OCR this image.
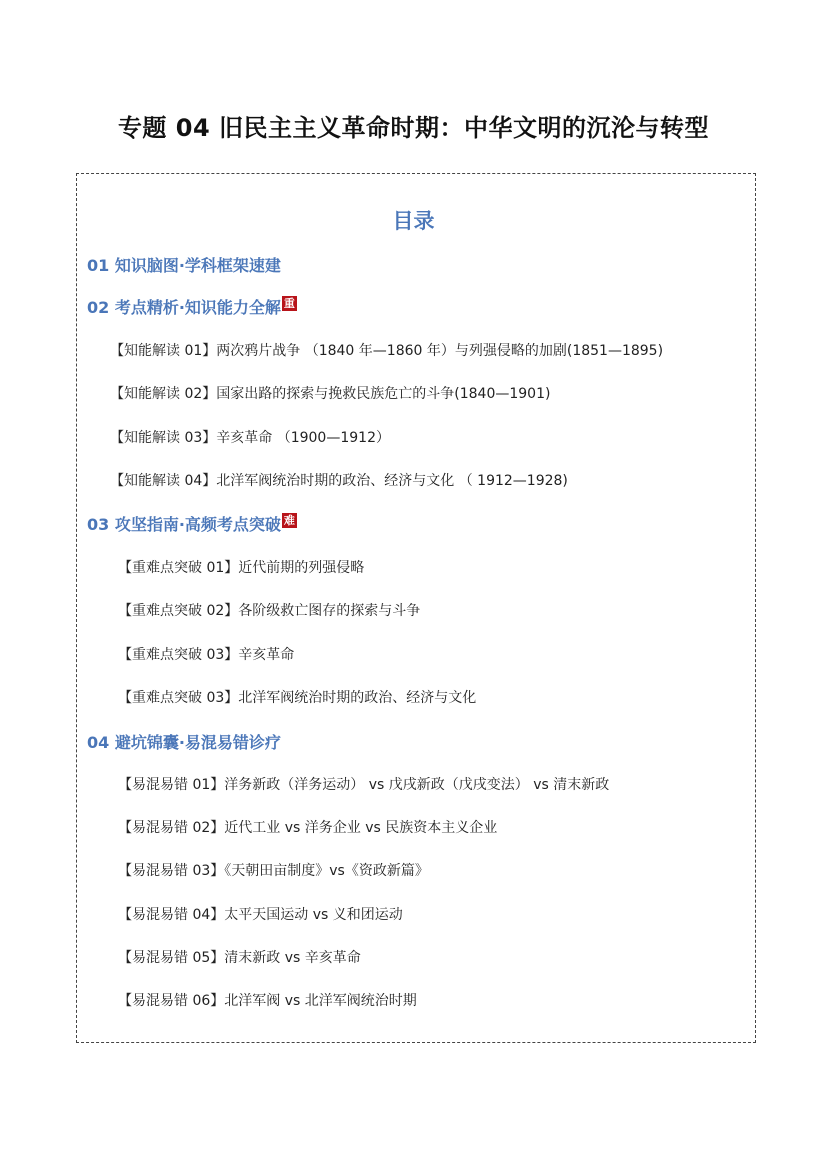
专题 04 旧民主主义革命时期：中华文明的沉沦与转型
目录
01 知识脑图·学科框架速建
02 考点精析·知识能力全解 重
【知能解读 01】两次鸦片战争 （1840 年—1860 年）与列强侵略的加剧(1851—1895)
【知能解读 02】国家出路的探索与挽救民族危亡的斗争(1840—1901)
【知能解读 03】辛亥革命 （1900—1912）
【知能解读 04】北洋军阀统治时期的政治、经济与文化 （ 1912—1928)
03 攻坚指南·高频考点突破 难
【重难点突破 01】近代前期的列强侵略
【重难点突破 02】各阶级救亡图存的探索与斗争
【重难点突破 03】辛亥革命
【重难点突破 03】北洋军阀统治时期的政治、经济与文化
04 避坑锦囊·易混易错诊疗
【易混易错 01】洋务新政（洋务运动） vs 戊戌新政（戊戌变法） vs 清末新政
【易混易错 02】近代工业 vs 洋务企业 vs 民族资本主义企业
【易混易错 03】《天朝田亩制度》vs《资政新篇》
【易混易错 04】太平天国运动 vs 义和团运动
【易混易错 05】清末新政 vs 辛亥革命
【易混易错 06】北洋军阀 vs 北洋军阀统治时期
